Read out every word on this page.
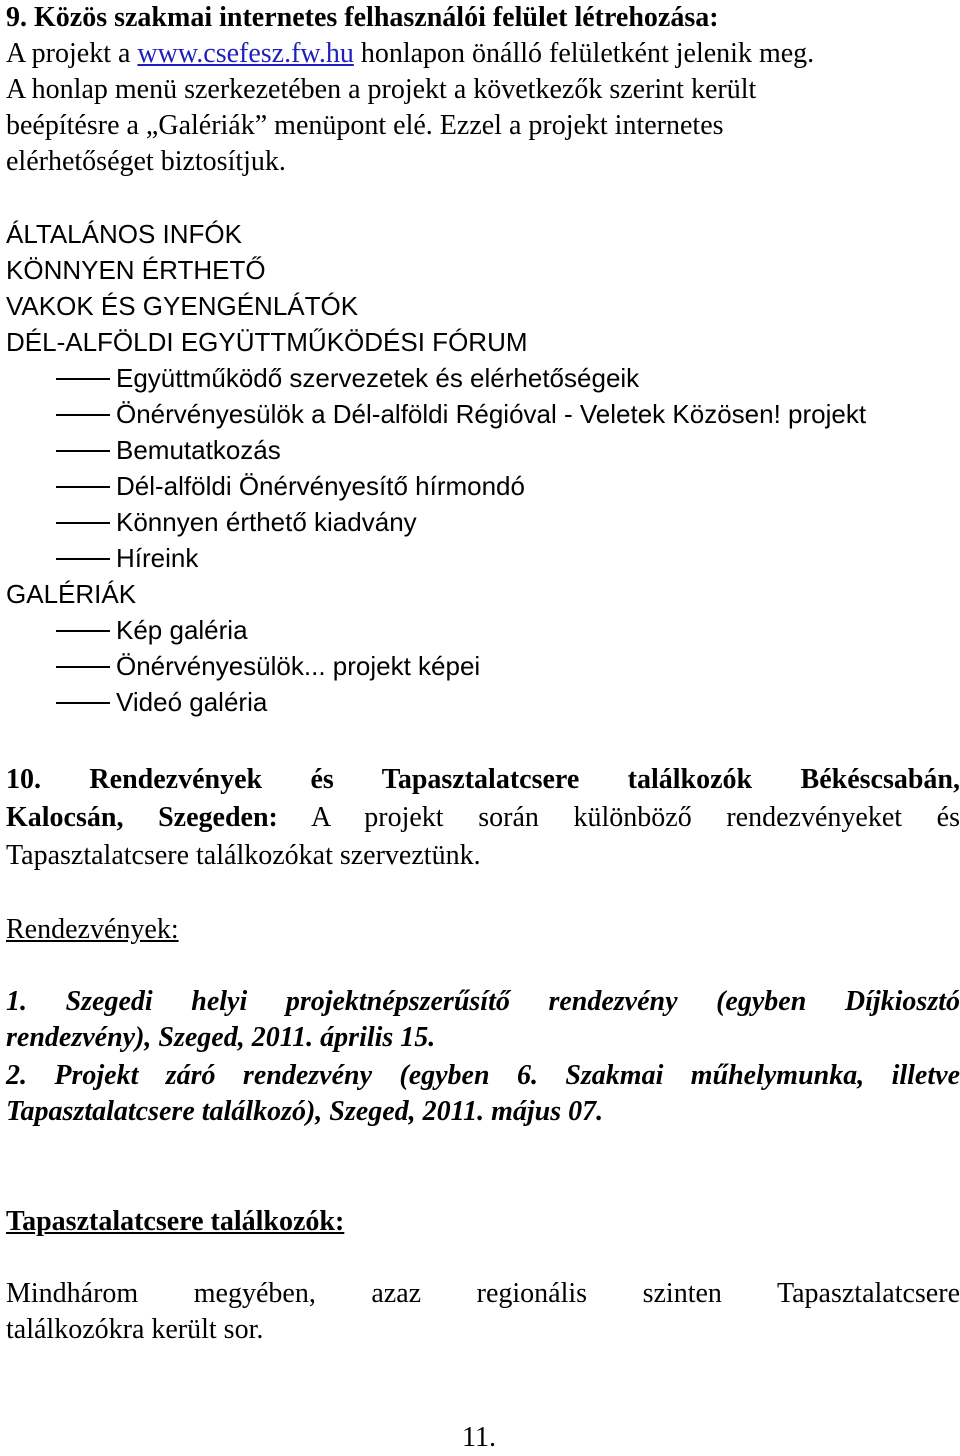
9. Közös szakmai internetes felhasználói felület létrehozása:
A projekt a www.csefesz.fw.hu honlapon önálló felületként jelenik meg.
A honlap menü szerkezetében a projekt a következők szerint került
beépítésre a „Galériák” menüpont elé. Ezzel a projekt internetes
elérhetőséget biztosítjuk.
ÁLTALÁNOS INFÓK
KÖNNYEN ÉRTHETŐ
VAKOK ÉS GYENGÉNLÁTÓK
DÉL-ALFÖLDI EGYÜTTMŰKÖDÉSI FÓRUM
Együttműködő szervezetek és elérhetőségeik
Önérvényesülök a Dél-alföldi Régióval - Veletek Közösen! projekt
Bemutatkozás
Dél-alföldi Önérvényesítő hírmondó
Könnyen érthető kiadvány
Híreink
GALÉRIÁK
Kép galéria
Önérvényesülök... projekt képei
Videó galéria
10. Rendezvények és Tapasztalatcsere találkozók Békéscsabán,
Kalocsán, Szegeden: A projekt során különböző rendezvényeket és
Tapasztalatcsere találkozókat szerveztünk.
Rendezvények:
1. Szegedi helyi projektnépszerűsítő rendezvény (egyben Díjkiosztó
rendezvény), Szeged, 2011. április 15.
2. Projekt záró rendezvény (egyben 6. Szakmai műhelymunka, illetve
Tapasztalatcsere találkozó), Szeged, 2011. május 07.
Tapasztalatcsere találkozók:
Mindhárom megyében, azaz regionális szinten Tapasztalatcsere
találkozókra került sor.
11.
